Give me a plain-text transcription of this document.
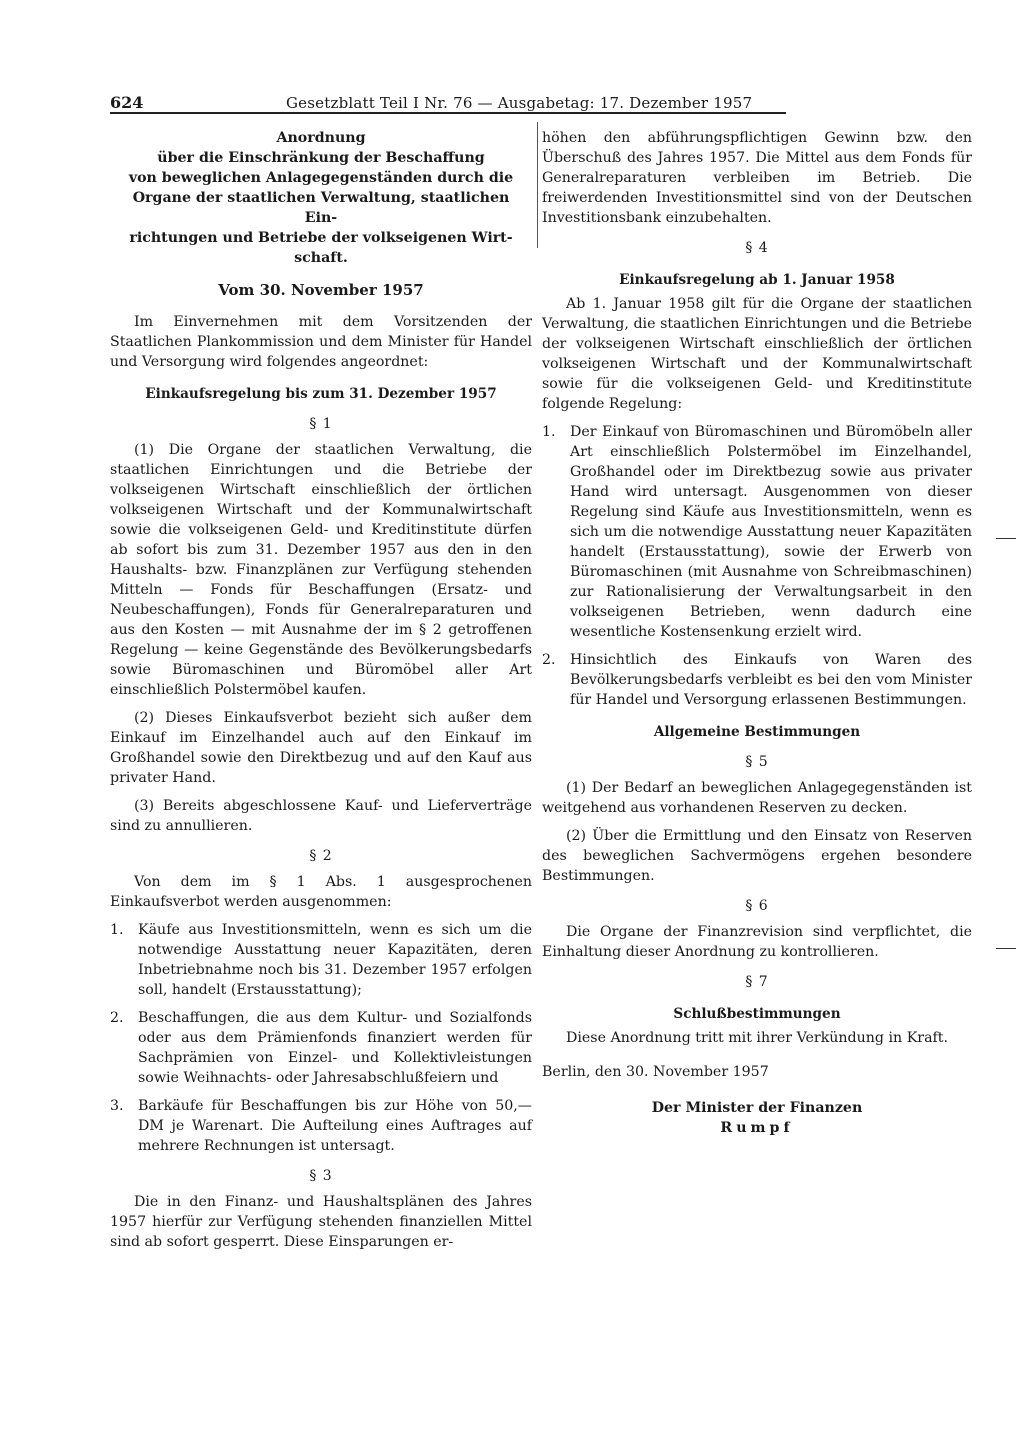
624	Gesetzblatt Teil I Nr. 76 — Ausgabetag: 17. Dezember 1957
Anordnung
über die Einschränkung der Beschaffung
von beweglichen Anlagegegenständen durch die
Organe der staatlichen Verwaltung, staatlichen Ein-
richtungen und Betriebe der volkseigenen Wirt-
schaft.
Vom 30. November 1957

Im Einvernehmen mit dem Vorsitzenden der Staatlichen Plankommission und dem Minister für Handel und Versorgung wird folgendes angeordnet:

Einkaufsregelung bis zum 31. Dezember 1957
§ 1

(1) Die Organe der staatlichen Verwaltung, die staatlichen Einrichtungen und die Betriebe der volkseigenen Wirtschaft einschließlich der örtlichen volkseigenen Wirtschaft und der Kommunalwirtschaft sowie die volkseigenen Geld- und Kreditinstitute dürfen ab sofort bis zum 31. Dezember 1957 aus den in den Haushalts- bzw. Finanzplänen zur Verfügung stehenden Mitteln — Fonds für Beschaffungen (Ersatz- und Neubeschaffungen), Fonds für Generalreparaturen und aus den Kosten — mit Ausnahme der im § 2 getroffenen Regelung — keine Gegenstände des Bevölkerungsbedarfs sowie Büromaschinen und Büromöbel aller Art einschließlich Polstermöbel kaufen.

(2) Dieses Einkaufsverbot bezieht sich außer dem Einkauf im Einzelhandel auch auf den Einkauf im Großhandel sowie den Direktbezug und auf den Kauf aus privater Hand.

(3) Bereits abgeschlossene Kauf- und Lieferverträge sind zu annullieren.

§ 2

Von dem im § 1 Abs. 1 ausgesprochenen Einkaufsverbot werden ausgenommen:

1.	Käufe aus Investitionsmitteln, wenn es sich um die notwendige Ausstattung neuer Kapazitäten, deren Inbetriebnahme noch bis 31. Dezember 1957 erfolgen soll, handelt (Erstausstattung);
2.	Beschaffungen, die aus dem Kultur- und Sozialfonds oder aus dem Prämienfonds finanziert werden für Sachprämien von Einzel- und Kollektivleistungen sowie Weihnachts- oder Jahresabschlußfeiern und
3.	Barkäufe für Beschaffungen bis zur Höhe von 50,— DM je Warenart. Die Aufteilung eines Auftrages auf mehrere Rechnungen ist untersagt.
§ 3

Die in den Finanz- und Haushaltsplänen des Jahres 1957 hierfür zur Verfügung stehenden finanziellen Mittel sind ab sofort gesperrt. Diese Einsparungen er-

höhen den abführungspflichtigen Gewinn bzw. den Überschuß des Jahres 1957. Die Mittel aus dem Fonds für Generalreparaturen verbleiben im Betrieb. Die freiwerdenden Investitionsmittel sind von der Deutschen Investitionsbank einzubehalten.

§ 4
Einkaufsregelung ab 1. Januar 1958

Ab 1. Januar 1958 gilt für die Organe der staatlichen Verwaltung, die staatlichen Einrichtungen und die Betriebe der volkseigenen Wirtschaft einschließlich der örtlichen volkseigenen Wirtschaft und der Kommunalwirtschaft sowie für die volkseigenen Geld- und Kreditinstitute folgende Regelung:

1.	Der Einkauf von Büromaschinen und Büromöbeln aller Art einschließlich Polstermöbel im Einzelhandel, Großhandel oder im Direktbezug sowie aus privater Hand wird untersagt. Ausgenommen von dieser Regelung sind Käufe aus Investitionsmitteln, wenn es sich um die notwendige Ausstattung neuer Kapazitäten handelt (Erstausstattung), sowie der Erwerb von Büromaschinen (mit Ausnahme von Schreibmaschinen) zur Rationalisierung der Verwaltungsarbeit in den volkseigenen Betrieben, wenn dadurch eine wesentliche Kostensenkung erzielt wird.
2.	Hinsichtlich des Einkaufs von Waren des Bevölkerungsbedarfs verbleibt es bei den vom Minister für Handel und Versorgung erlassenen Bestimmungen.
Allgemeine Bestimmungen
§ 5

(1) Der Bedarf an beweglichen Anlagegegenständen ist weitgehend aus vorhandenen Reserven zu decken.

(2) Über die Ermittlung und den Einsatz von Reserven des beweglichen Sachvermögens ergehen besondere Bestimmungen.

§ 6

Die Organe der Finanzrevision sind verpflichtet, die Einhaltung dieser Anordnung zu kontrollieren.

§ 7
Schlußbestimmungen

Diese Anordnung tritt mit ihrer Verkündung in Kraft.

Berlin, den 30. November 1957

Der Minister der Finanzen
Rumpf
